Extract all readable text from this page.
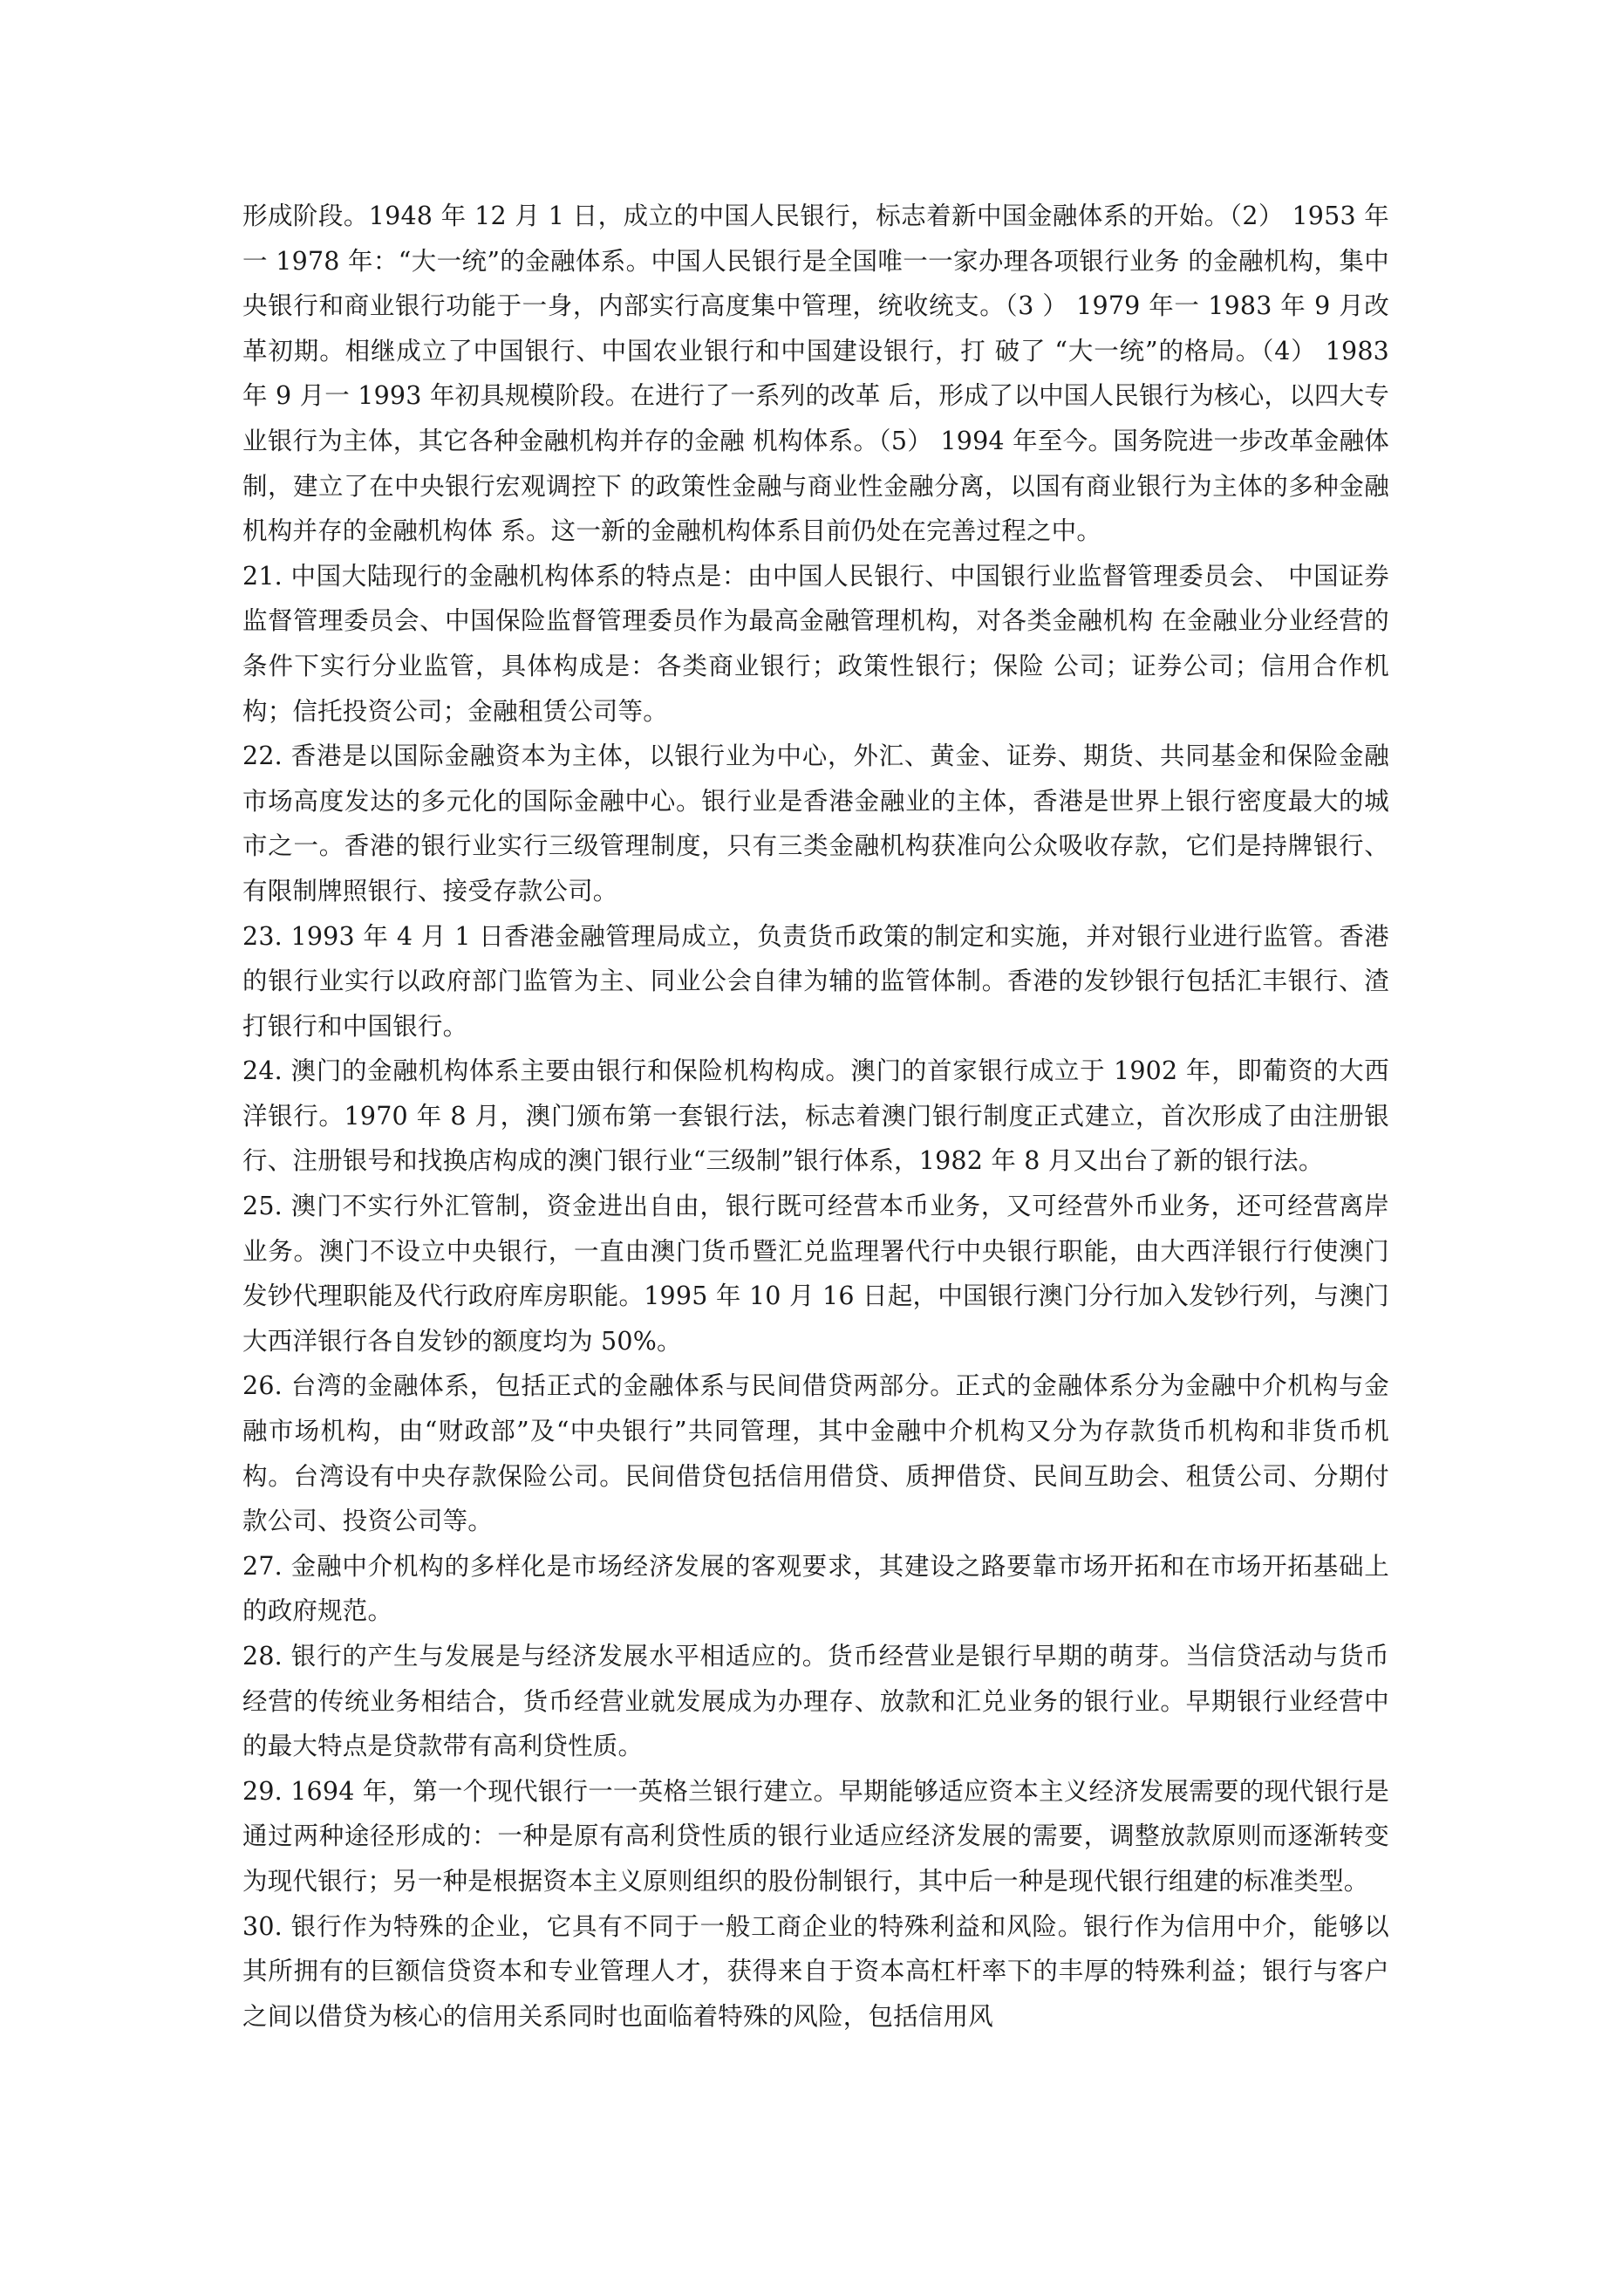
形成阶段。1948 年 12 月 1 日，成立的中国人民银行，标志着新中国金融体系的开始。（2） 1953 年一 1978 年：“大一统”的金融体系。中国人民银行是全国唯一一家办理各项银行业务 的金融机构，集中央银行和商业银行功能于一身，内部实行高度集中管理，统收统支。（3 ） 1979 年一 1983 年 9 月改革初期。相继成立了中国银行、中国农业银行和中国建设银行，打 破了 “大一统”的格局。（4） 1983 年 9 月一 1993 年初具规模阶段。在进行了一系列的改革 后，形成了以中国人民银行为核心，以四大专业银行为主体，其它各种金融机构并存的金融 机构体系。（5） 1994 年至今。国务院进一步改革金融体制，建立了在中央银行宏观调控下 的政策性金融与商业性金融分离，以国有商业银行为主体的多种金融机构并存的金融机构体 系。这一新的金融机构体系目前仍处在完善过程之中。

21. 中国大陆现行的金融机构体系的特点是：由中国人民银行、中国银行业监督管理委员会、 中国证券监督管理委员会、中国保险监督管理委员作为最高金融管理机构，对各类金融机构 在金融业分业经营的条件下实行分业监管，具体构成是：各类商业银行；政策性银行；保险 公司；证券公司；信用合作机构；信托投资公司；金融租赁公司等。

22. 香港是以国际金融资本为主体，以银行业为中心，外汇、黄金、证券、期货、共同基金和保险金融市场高度发达的多元化的国际金融中心。银行业是香港金融业的主体，香港是世界上银行密度最大的城市之一。香港的银行业实行三级管理制度，只有三类金融机构获准向公众吸收存款，它们是持牌银行、有限制牌照银行、接受存款公司。

23. 1993 年 4 月 1 日香港金融管理局成立，负责货币政策的制定和实施，并对银行业进行监管。香港的银行业实行以政府部门监管为主、同业公会自律为辅的监管体制。香港的发钞银行包括汇丰银行、渣打银行和中国银行。

24. 澳门的金融机构体系主要由银行和保险机构构成。澳门的首家银行成立于 1902 年，即葡资的大西洋银行。1970 年 8 月，澳门颁布第一套银行法，标志着澳门银行制度正式建立，首次形成了由注册银行、注册银号和找换店构成的澳门银行业“三级制”银行体系，1982 年 8 月又出台了新的银行法。

25. 澳门不实行外汇管制，资金进出自由，银行既可经营本币业务，又可经营外币业务，还可经营离岸业务。澳门不设立中央银行，一直由澳门货币暨汇兑监理署代行中央银行职能，由大西洋银行行使澳门发钞代理职能及代行政府库房职能。1995 年 10 月 16 日起，中国银行澳门分行加入发钞行列，与澳门大西洋银行各自发钞的额度均为 50%。

26. 台湾的金融体系，包括正式的金融体系与民间借贷两部分。正式的金融体系分为金融中介机构与金融市场机构，由“财政部”及“中央银行”共同管理，其中金融中介机构又分为存款货币机构和非货币机构。台湾设有中央存款保险公司。民间借贷包括信用借贷、质押借贷、民间互助会、租赁公司、分期付款公司、投资公司等。

27. 金融中介机构的多样化是市场经济发展的客观要求，其建设之路要靠市场开拓和在市场开拓基础上的政府规范。

28. 银行的产生与发展是与经济发展水平相适应的。货币经营业是银行早期的萌芽。当信贷活动与货币经营的传统业务相结合，货币经营业就发展成为办理存、放款和汇兑业务的银行业。早期银行业经营中的最大特点是贷款带有高利贷性质。

29. 1694 年，第一个现代银行一一英格兰银行建立。早期能够适应资本主义经济发展需要的现代银行是通过两种途径形成的：一种是原有高利贷性质的银行业适应经济发展的需要，调整放款原则而逐渐转变为现代银行；另一种是根据资本主义原则组织的股份制银行，其中后一种是现代银行组建的标准类型。

30. 银行作为特殊的企业，它具有不同于一般工商企业的特殊利益和风险。银行作为信用中介，能够以其所拥有的巨额信贷资本和专业管理人才，获得来自于资本高杠杆率下的丰厚的特殊利益；银行与客户之间以借贷为核心的信用关系同时也面临着特殊的风险，包括信用风
